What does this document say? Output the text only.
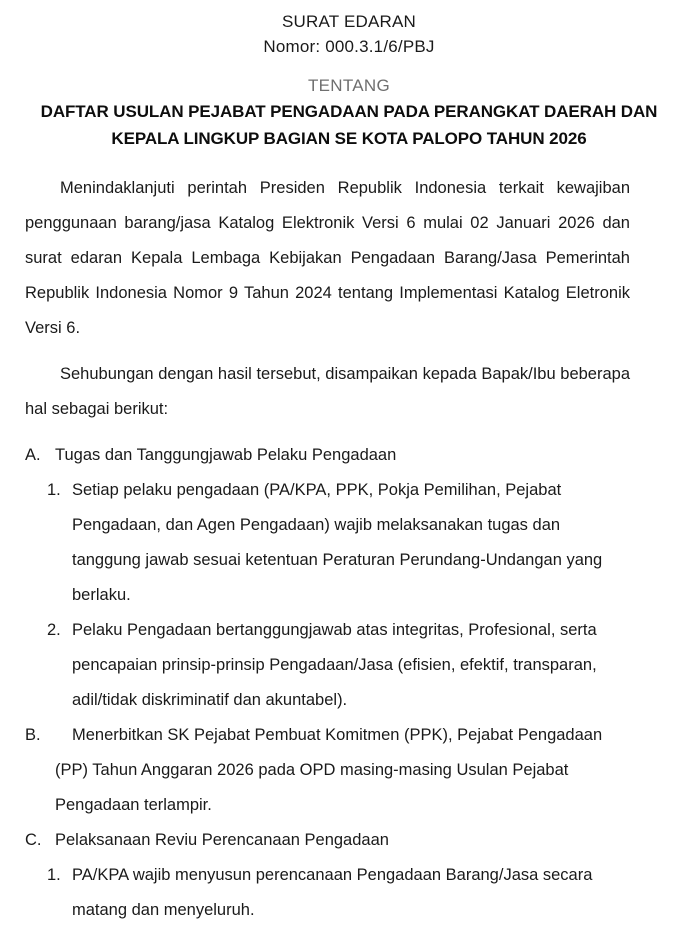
SURAT EDARAN
Nomor: 000.3.1/6/PBJ
TENTANG
DAFTAR USULAN PEJABAT PENGADAAN PADA PERANGKAT DAERAH DAN
KEPALA LINGKUP BAGIAN SE KOTA PALOPO TAHUN 2026

Menindaklanjuti perintah Presiden Republik Indonesia terkait kewajiban penggunaan barang/jasa Katalog Elektronik Versi 6 mulai 02 Januari 2026 dan surat edaran Kepala Lembaga Kebijakan Pengadaan Barang/Jasa Pemerintah Republik Indonesia Nomor 9 Tahun 2024 tentang Implementasi Katalog Eletronik Versi 6.

Sehubungan dengan hasil tersebut, disampaikan kepada Bapak/Ibu beberapa hal sebagai berikut:

A. Tugas dan Tanggungjawab Pelaku Pengadaan
1. Setiap pelaku pengadaan (PA/KPA, PPK, Pokja Pemilihan, Pejabat Pengadaan, dan Agen Pengadaan) wajib melaksanakan tugas dan tanggung jawab sesuai ketentuan Peraturan Perundang-Undangan yang berlaku.
2. Pelaku Pengadaan bertanggungjawab atas integritas, Profesional, serta pencapaian prinsip-prinsip Pengadaan/Jasa (efisien, efektif, transparan, adil/tidak diskriminatif dan akuntabel).
B.	Menerbitkan SK Pejabat Pembuat Komitmen (PPK), Pejabat Pengadaan (PP) Tahun Anggaran 2026 pada OPD masing-masing Usulan Pejabat Pengadaan terlampir.
C. Pelaksanaan Reviu Perencanaan Pengadaan
1. PA/KPA wajib menyusun perencanaan Pengadaan Barang/Jasa secara matang dan menyeluruh.
